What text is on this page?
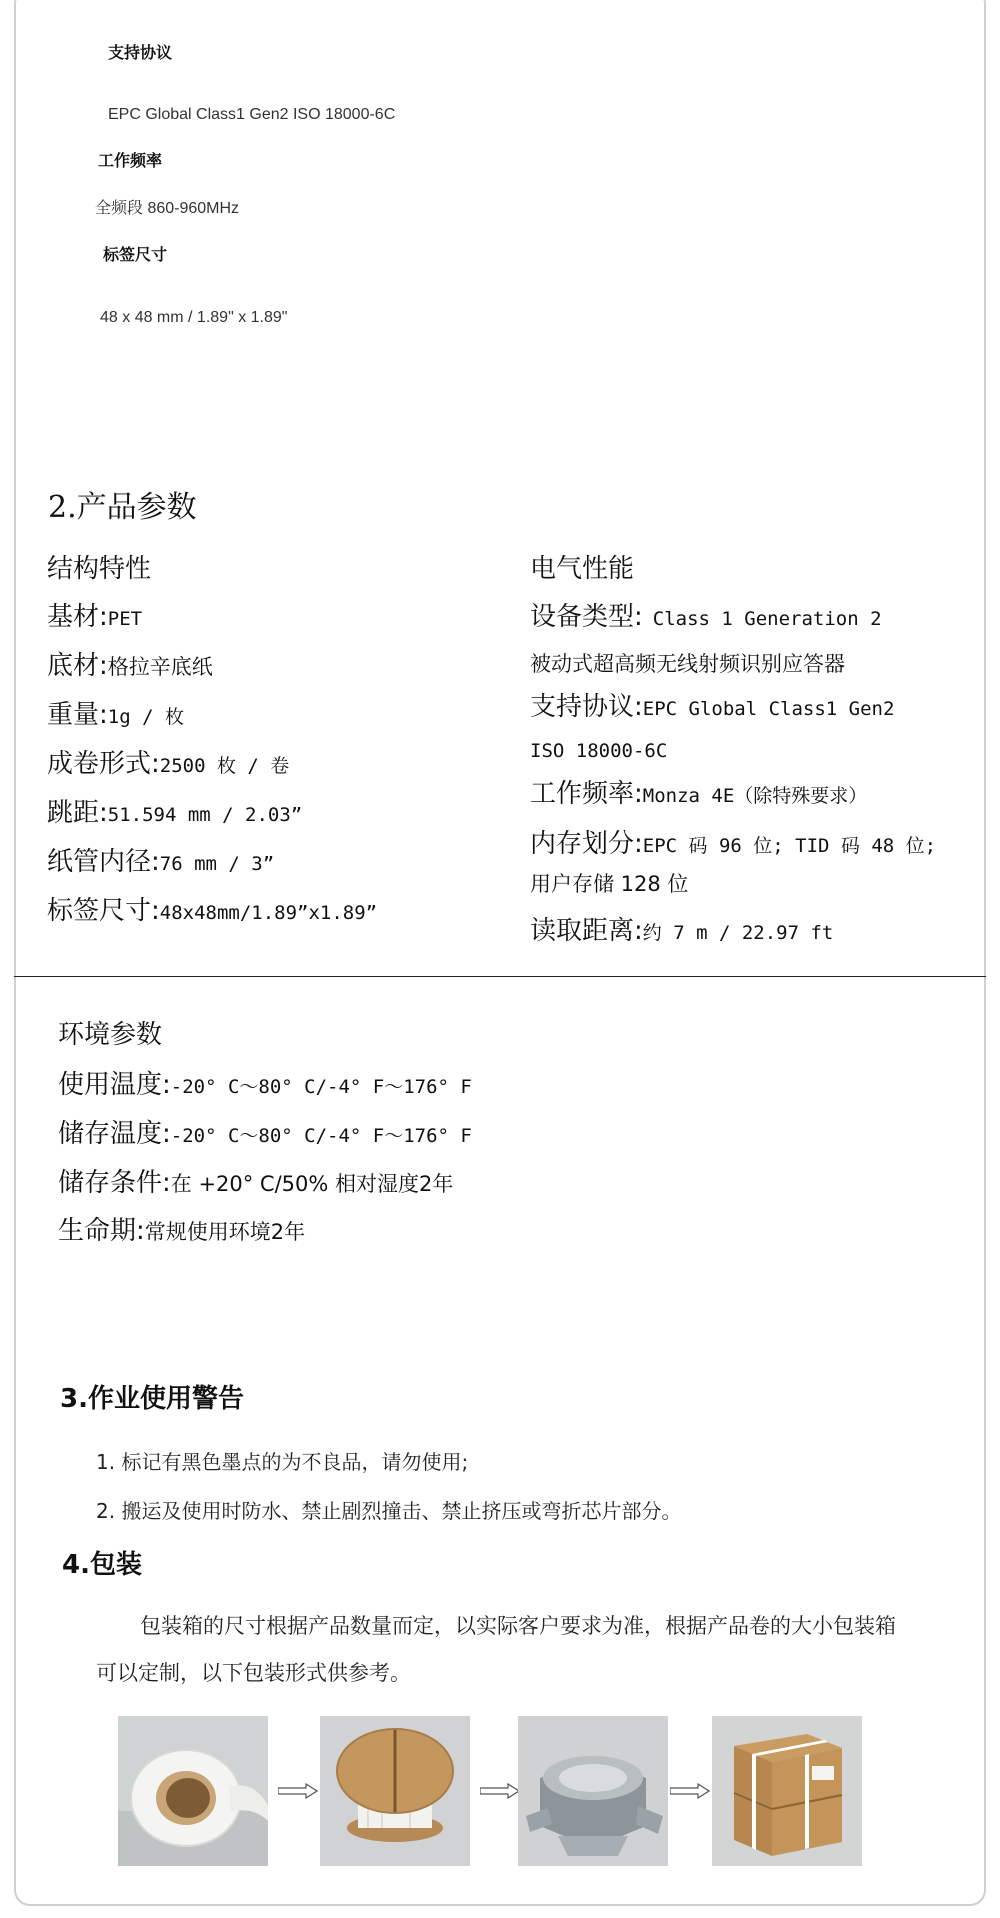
支持协议
EPC Global Class1 Gen2 ISO 18000-6C
工作频率
全频段 860-960MHz
标签尺寸
48 x 48 mm / 1.89" x 1.89"
2.产品参数
结构特性
基材:PET
底材:格拉辛底纸
重量:1g / 枚
成卷形式:2500 枚 / 卷
跳距:51.594 mm / 2.03”
纸管内径:76 mm / 3”
标签尺寸:48x48mm/1.89”x1.89”
电气性能
设备类型: Class 1 Generation 2
被动式超高频无线射频识别应答器
支持协议:EPC Global Class1 Gen2
ISO 18000-6C
工作频率:Monza 4E（除特殊要求）
内存划分:EPC 码 96 位; TID 码 48 位;
用户存储 128 位
读取距离:约 7 m / 22.97 ft
环境参数
使用温度:-20° C～80° C/-4° F～176° F
储存温度:-20° C～80° C/-4° F～176° F
储存条件:在 +20° C/50% 相对湿度2年
生命期:常规使用环境2年
3.作业使用警告
1. 标记有黑色墨点的为不良品，请勿使用;
2. 搬运及使用时防水、禁止剧烈撞击、禁止挤压或弯折芯片部分。
4.包装
包装箱的尺寸根据产品数量而定，以实际客户要求为准，根据产品卷的大小包装箱
可以定制，以下包装形式供参考。
